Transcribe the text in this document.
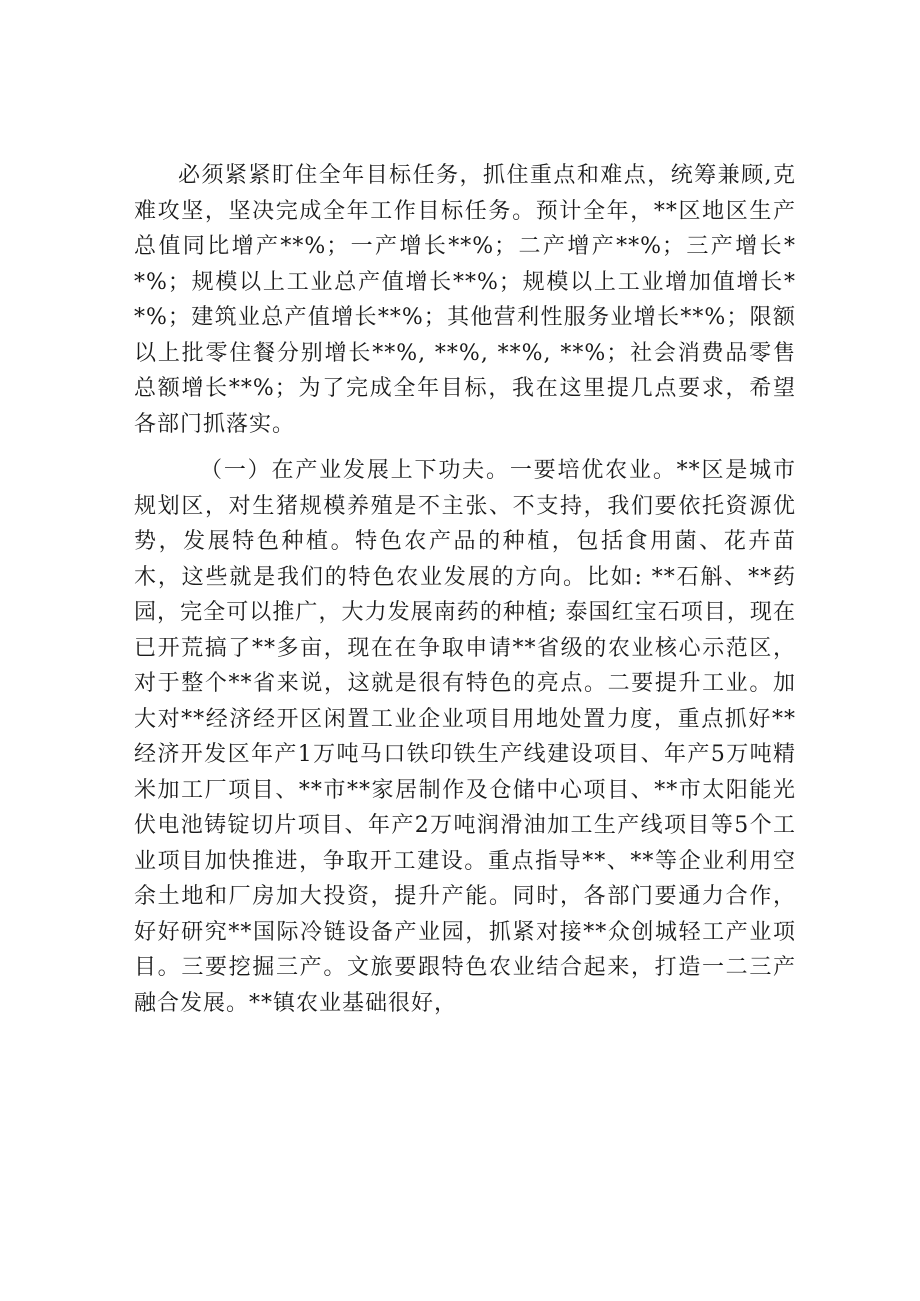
必须紧紧盯住全年目标任务，抓住重点和难点，统筹兼顾,克难攻坚，坚决完成全年工作目标任务。预计全年，**区地区生产总值同比增产**%；一产增长**%；二产增产**%；三产增长**%；规模以上工业总产值增长**%；规模以上工业增加值增长**%；建筑业总产值增长**%；其他营利性服务业增长**%；限额以上批零住餐分别增长**%, **%, **%, **%；社会消费品零售总额增长**%；为了完成全年目标，我在这里提几点要求，希望各部门抓落实。

（一）在产业发展上下功夫。一要培优农业。**区是城市规划区，对生猪规模养殖是不主张、不支持，我们要依托资源优势，发展特色种植。特色农产品的种植，包括食用菌、花卉苗木，这些就是我们的特色农业发展的方向。比如: **石斛、**药园，完全可以推广，大力发展南药的种植; 泰国红宝石项目，现在已开荒搞了**多亩，现在在争取申请**省级的农业核心示范区，对于整个**省来说，这就是很有特色的亮点。二要提升工业。加大对**经济经开区闲置工业企业项目用地处置力度，重点抓好**经济开发区年产1万吨马口铁印铁生产线建设项目、年产5万吨精米加工厂项目、**市**家居制作及仓储中心项目、**市太阳能光伏电池铸锭切片项目、年产2万吨润滑油加工生产线项目等5个工业项目加快推进，争取开工建设。重点指导**、**等企业利用空余土地和厂房加大投资，提升产能。同时，各部门要通力合作，好好研究**国际冷链设备产业园，抓紧对接**众创城轻工产业项目。三要挖掘三产。文旅要跟特色农业结合起来，打造一二三产融合发展。**镇农业基础很好，
